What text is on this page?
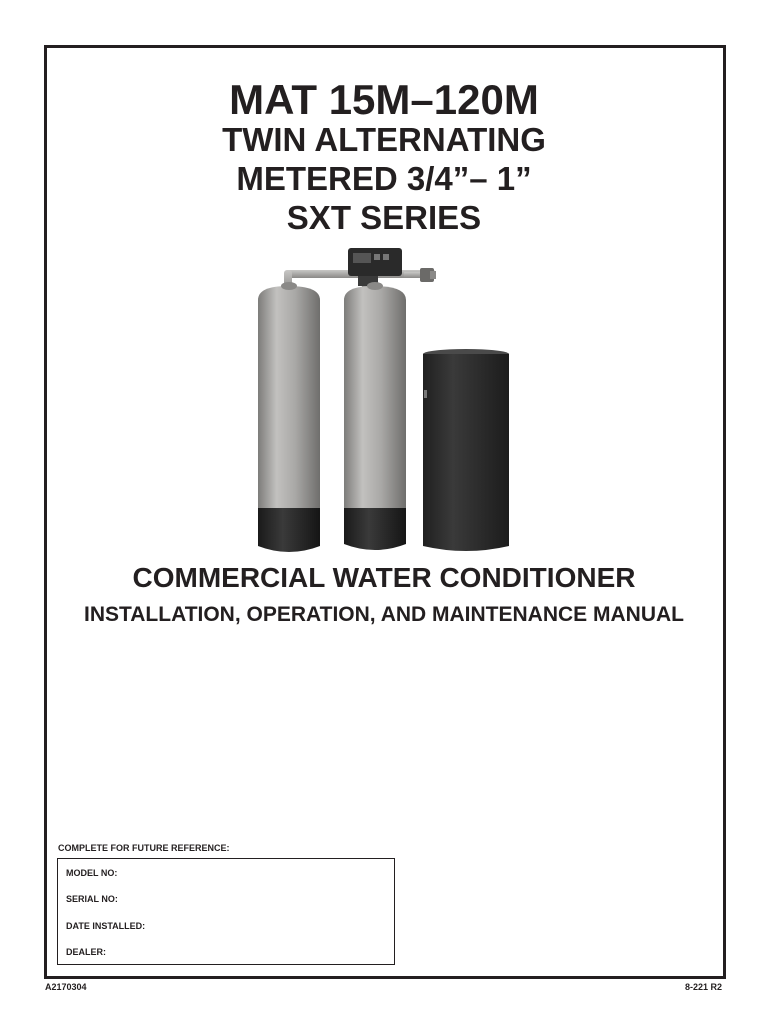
MAT 15M–120M
TWIN ALTERNATING
METERED 3/4”– 1”
SXT SERIES
COMMERCIAL WATER CONDITIONER
INSTALLATION, OPERATION, AND MAINTENANCE MANUAL
COMPLETE FOR FUTURE REFERENCE:
MODEL NO:
SERIAL NO:
DATE INSTALLED:
DEALER:
A2170304	8-221 R2
